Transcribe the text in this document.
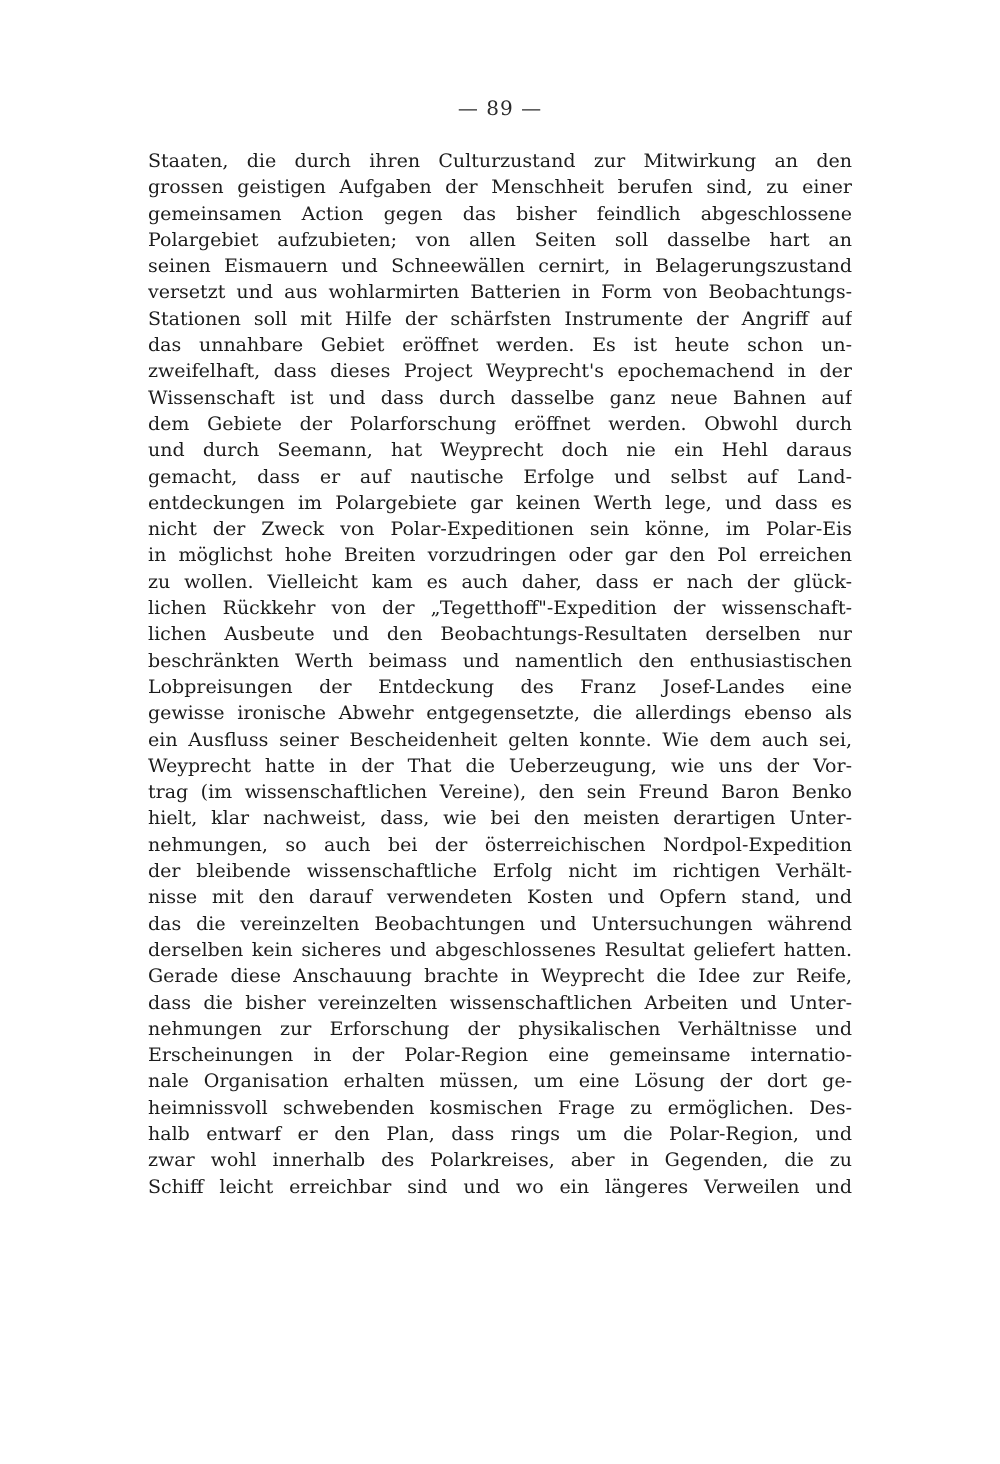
— 89 —
Staaten, die durch ihren Culturzustand zur Mitwirkung an den
grossen geistigen Aufgaben der Menschheit berufen sind, zu einer
gemeinsamen Action gegen das bisher feindlich abgeschlossene
Polargebiet aufzubieten; von allen Seiten soll dasselbe hart an
seinen Eismauern und Schneewällen cernirt, in Belagerungszustand
versetzt und aus wohlarmirten Batterien in Form von Beobachtungs-
Stationen soll mit Hilfe der schärfsten Instrumente der Angriff auf
das unnahbare Gebiet eröffnet werden. Es ist heute schon un-
zweifelhaft, dass dieses Project Weyprecht's epochemachend in der
Wissenschaft ist und dass durch dasselbe ganz neue Bahnen auf
dem Gebiete der Polarforschung eröffnet werden. Obwohl durch
und durch Seemann, hat Weyprecht doch nie ein Hehl daraus
gemacht, dass er auf nautische Erfolge und selbst auf Land-
entdeckungen im Polargebiete gar keinen Werth lege, und dass es
nicht der Zweck von Polar-Expeditionen sein könne, im Polar-Eis
in möglichst hohe Breiten vorzudringen oder gar den Pol erreichen
zu wollen. Vielleicht kam es auch daher, dass er nach der glück-
lichen Rückkehr von der „Tegetthoff"-Expedition der wissenschaft-
lichen Ausbeute und den Beobachtungs-Resultaten derselben nur
beschränkten Werth beimass und namentlich den enthusiastischen
Lobpreisungen der Entdeckung des Franz Josef-Landes eine
gewisse ironische Abwehr entgegensetzte, die allerdings ebenso als
ein Ausfluss seiner Bescheidenheit gelten konnte. Wie dem auch sei,
Weyprecht hatte in der That die Ueberzeugung, wie uns der Vor-
trag (im wissenschaftlichen Vereine), den sein Freund Baron Benko
hielt, klar nachweist, dass, wie bei den meisten derartigen Unter-
nehmungen, so auch bei der österreichischen Nordpol-Expedition
der bleibende wissenschaftliche Erfolg nicht im richtigen Verhält-
nisse mit den darauf verwendeten Kosten und Opfern stand, und
das die vereinzelten Beobachtungen und Untersuchungen während
derselben kein sicheres und abgeschlossenes Resultat geliefert hatten.
Gerade diese Anschauung brachte in Weyprecht die Idee zur Reife,
dass die bisher vereinzelten wissenschaftlichen Arbeiten und Unter-
nehmungen zur Erforschung der physikalischen Verhältnisse und
Erscheinungen in der Polar-Region eine gemeinsame internatio-
nale Organisation erhalten müssen, um eine Lösung der dort ge-
heimnissvoll schwebenden kosmischen Frage zu ermöglichen. Des-
halb entwarf er den Plan, dass rings um die Polar-Region, und
zwar wohl innerhalb des Polarkreises, aber in Gegenden, die zu
Schiff leicht erreichbar sind und wo ein längeres Verweilen und
